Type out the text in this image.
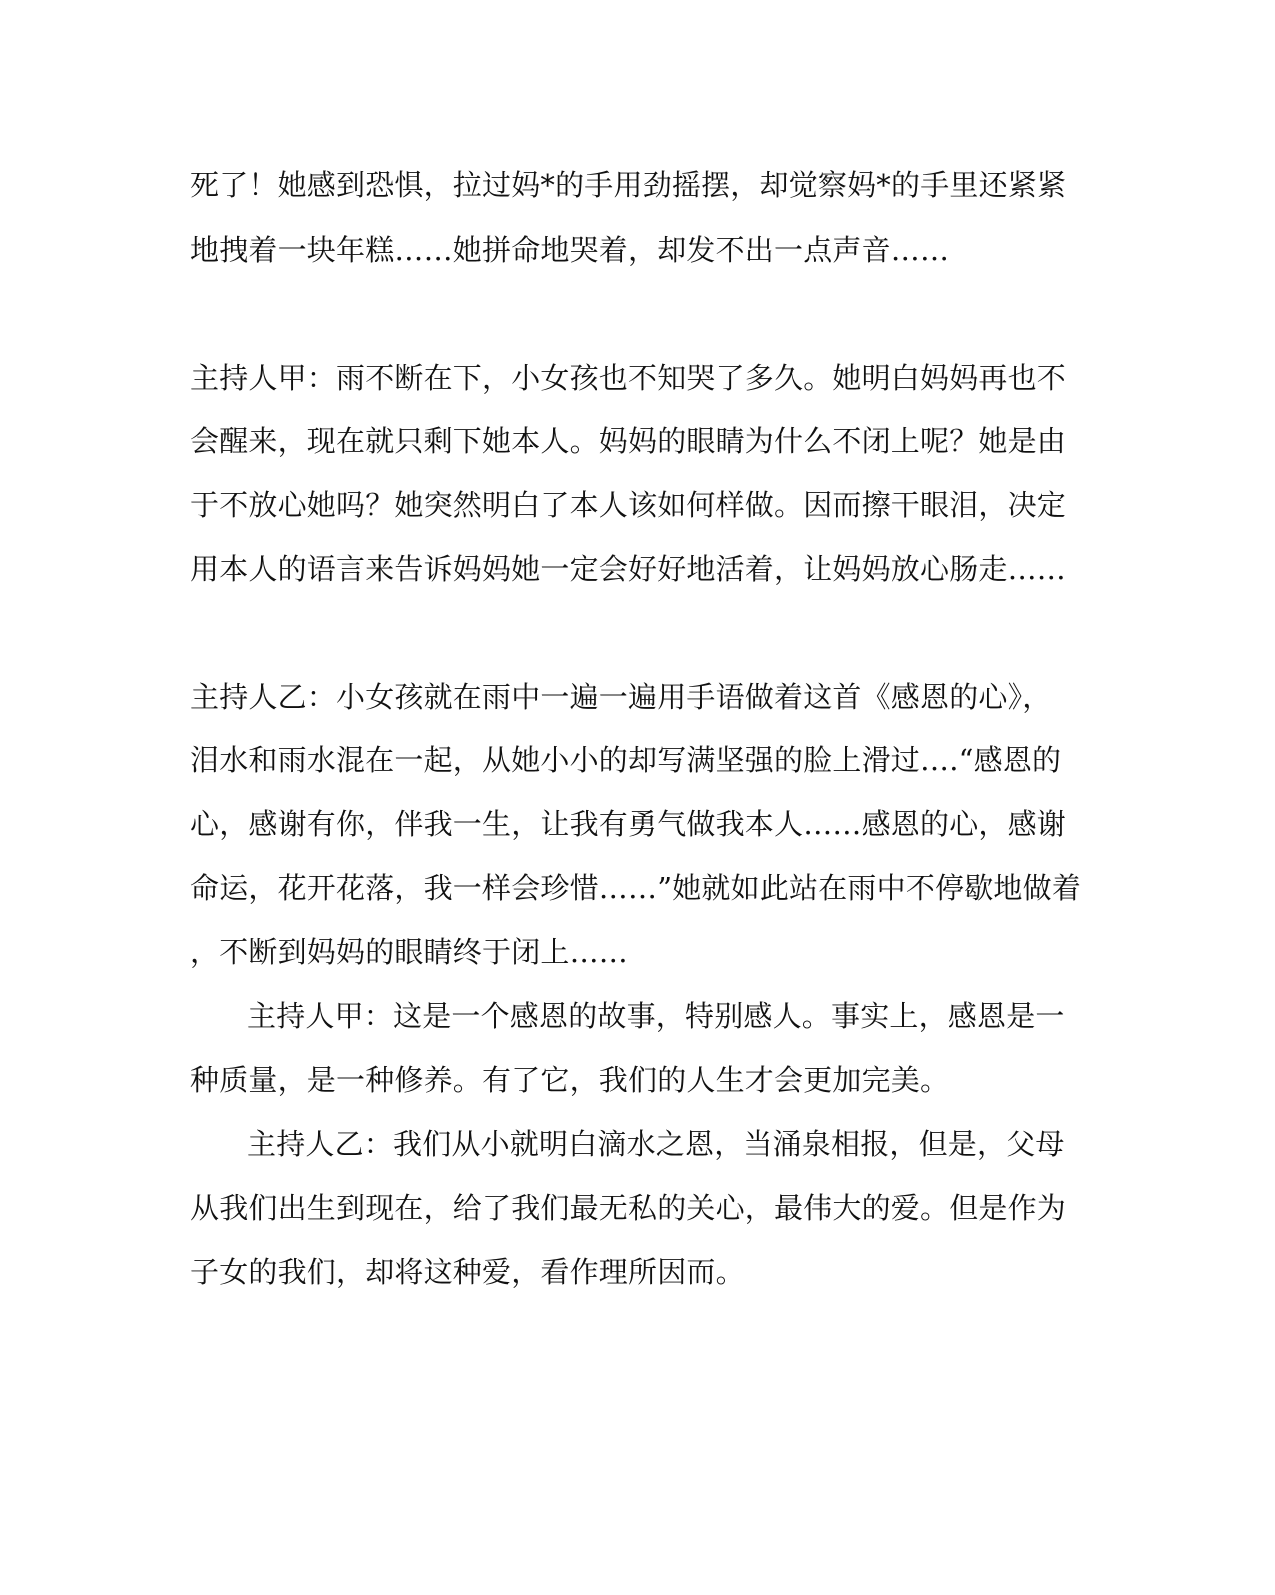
死了！她感到恐惧，拉过妈*的手用劲摇摆，却觉察妈*的手里还紧紧
地拽着一块年糕……她拼命地哭着，却发不出一点声音……
主持人甲：雨不断在下，小女孩也不知哭了多久。她明白妈妈再也不
会醒来，现在就只剩下她本人。妈妈的眼睛为什么不闭上呢？她是由
于不放心她吗？她突然明白了本人该如何样做。因而擦干眼泪，决定
用本人的语言来告诉妈妈她一定会好好地活着，让妈妈放心肠走……
主持人乙：小女孩就在雨中一遍一遍用手语做着这首《感恩的心》，
泪水和雨水混在一起，从她小小的却写满坚强的脸上滑过….“感恩的
心，感谢有你，伴我一生，让我有勇气做我本人……感恩的心，感谢
命运，花开花落，我一样会珍惜……”她就如此站在雨中不停歇地做着
，不断到妈妈的眼睛终于闭上……
主持人甲：这是一个感恩的故事，特别感人。事实上，感恩是一
种质量，是一种修养。有了它，我们的人生才会更加完美。
主持人乙：我们从小就明白滴水之恩，当涌泉相报，但是，父母
从我们出生到现在，给了我们最无私的关心，最伟大的爱。但是作为
子女的我们，却将这种爱，看作理所因而。
